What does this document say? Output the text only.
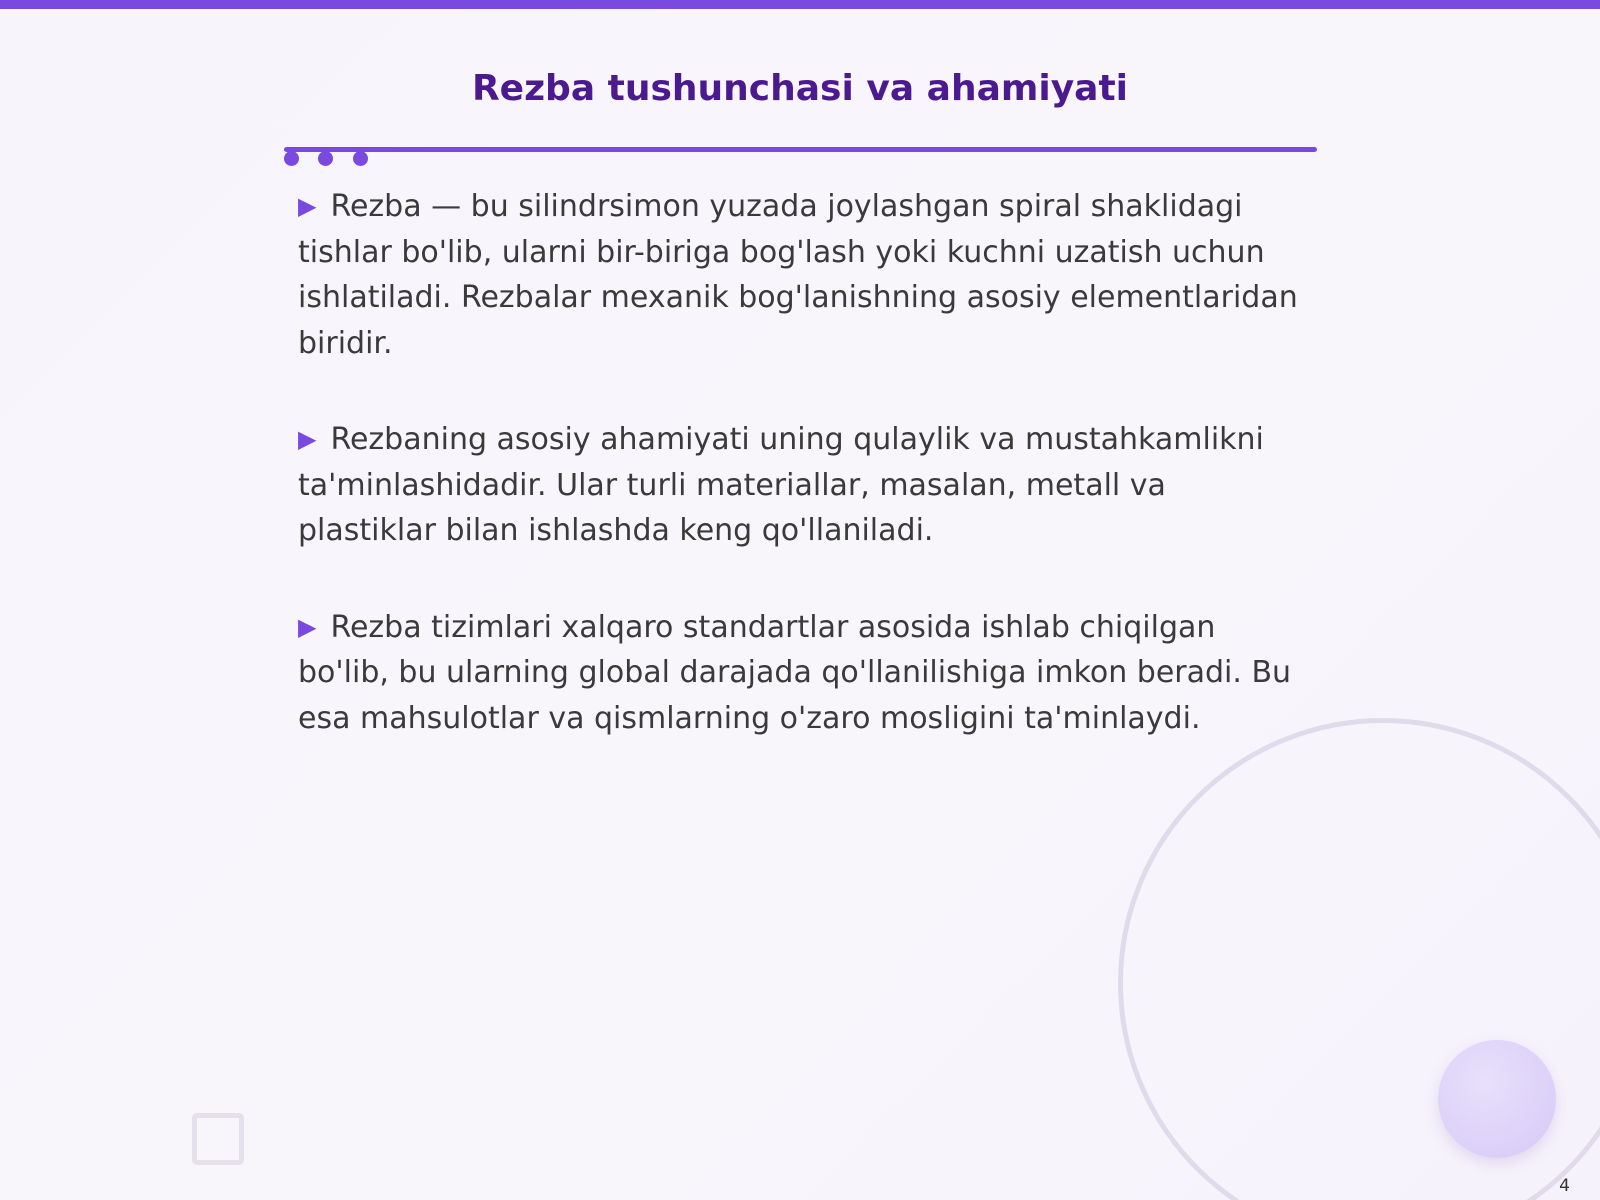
Rezba tushunchasi va ahamiyati
▶ Rezba — bu silindrsimon yuzada joylashgan spiral shaklidagi tishlar bo'lib, ularni bir-biriga bog'lash yoki kuchni uzatish uchun ishlatiladi. Rezbalar mexanik bog'lanishning asosiy elementlaridan biridir.
▶ Rezbaning asosiy ahamiyati uning qulaylik va mustahkamlikni ta'minlashidadir. Ular turli materiallar, masalan, metall va plastiklar bilan ishlashda keng qo'llaniladi.
▶ Rezba tizimlari xalqaro standartlar asosida ishlab chiqilgan bo'lib, bu ularning global darajada qo'llanilishiga imkon beradi. Bu esa mahsulotlar va qismlarning o'zaro mosligini ta'minlaydi.
4
